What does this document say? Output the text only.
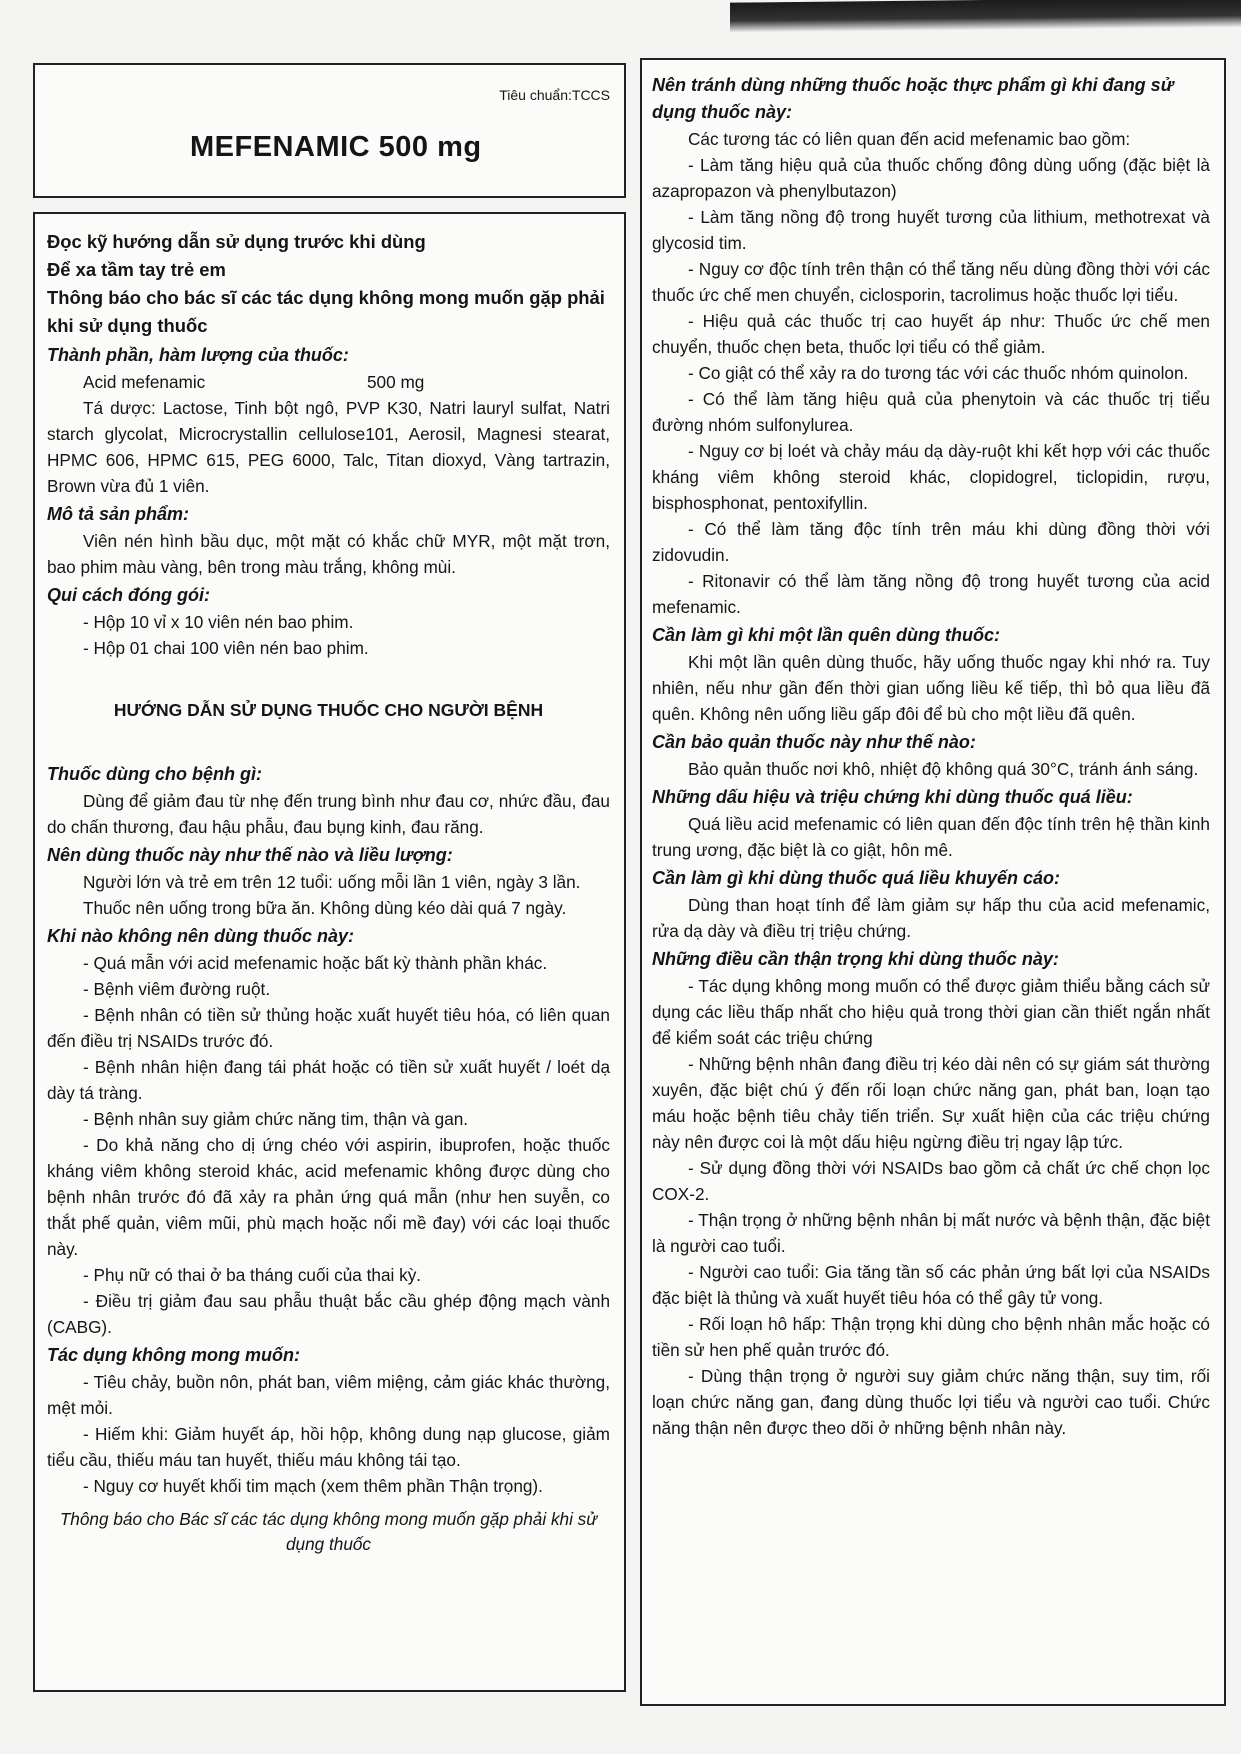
Tiêu chuẩn:TCCS
MEFENAMIC 500 mg

Đọc kỹ hướng dẫn sử dụng trước khi dùng

Để xa tầm tay trẻ em

Thông báo cho bác sĩ các tác dụng không mong muốn gặp phải khi sử dụng thuốc

Thành phần, hàm lượng của thuốc:

Acid mefenamic	500 mg

Tá dược: Lactose, Tinh bột ngô, PVP K30, Natri lauryl sulfat, Natri starch glycolat, Microcrystallin cellulose101, Aerosil, Magnesi stearat, HPMC 606, HPMC 615, PEG 6000, Talc, Titan dioxyd, Vàng tartrazin, Brown vừa đủ 1 viên.

Mô tả sản phẩm:

Viên nén hình bầu dục, một mặt có khắc chữ MYR, một mặt trơn, bao phim màu vàng, bên trong màu trắng, không mùi.

Qui cách đóng gói:

- Hộp 10 vỉ x 10 viên nén bao phim.

- Hộp 01 chai 100 viên nén bao phim.

HƯỚNG DẪN SỬ DỤNG THUỐC CHO NGƯỜI BỆNH

Thuốc dùng cho bệnh gì:

Dùng để giảm đau từ nhẹ đến trung bình như đau cơ, nhức đầu, đau do chấn thương, đau hậu phẫu, đau bụng kinh, đau răng.

Nên dùng thuốc này như thế nào và liều lượng:

Người lớn và trẻ em trên 12 tuổi: uống mỗi lần 1 viên, ngày 3 lần.

Thuốc nên uống trong bữa ăn. Không dùng kéo dài quá 7 ngày.

Khi nào không nên dùng thuốc này:

- Quá mẫn với acid mefenamic hoặc bất kỳ thành phần khác.

- Bệnh viêm đường ruột.

- Bệnh nhân có tiền sử thủng hoặc xuất huyết tiêu hóa, có liên quan đến điều trị NSAIDs trước đó.

- Bệnh nhân hiện đang tái phát hoặc có tiền sử xuất huyết / loét dạ dày tá tràng.

- Bệnh nhân suy giảm chức năng tim, thận và gan.

- Do khả năng cho dị ứng chéo với aspirin, ibuprofen, hoặc thuốc kháng viêm không steroid khác, acid mefenamic không được dùng cho bệnh nhân trước đó đã xảy ra phản ứng quá mẫn (như hen suyễn, co thắt phế quản, viêm mũi, phù mạch hoặc nổi mề đay) với các loại thuốc này.

- Phụ nữ có thai ở ba tháng cuối của thai kỳ.

- Điều trị giảm đau sau phẫu thuật bắc cầu ghép động mạch vành (CABG).

Tác dụng không mong muốn:

- Tiêu chảy, buồn nôn, phát ban, viêm miệng, cảm giác khác thường, mệt mỏi.

- Hiếm khi: Giảm huyết áp, hồi hộp, không dung nạp glucose, giảm tiểu cầu, thiếu máu tan huyết, thiếu máu không tái tạo.

- Nguy cơ huyết khối tim mạch (xem thêm phần Thận trọng).

Thông báo cho Bác sĩ các tác dụng không mong muốn gặp phải khi sử dụng thuốc

Nên tránh dùng những thuốc hoặc thực phẩm gì khi đang sử dụng thuốc này:

Các tương tác có liên quan đến acid mefenamic bao gồm:

- Làm tăng hiệu quả của thuốc chống đông dùng uống (đặc biệt là azapropazon và phenylbutazon)

- Làm tăng nồng độ trong huyết tương của lithium, methotrexat và glycosid tim.

- Nguy cơ độc tính trên thận có thể tăng nếu dùng đồng thời với các thuốc ức chế men chuyển, ciclosporin, tacrolimus hoặc thuốc lợi tiểu.

- Hiệu quả các thuốc trị cao huyết áp như: Thuốc ức chế men chuyển, thuốc chẹn beta, thuốc lợi tiểu có thể giảm.

- Co giật có thể xảy ra do tương tác với các thuốc nhóm quinolon.

- Có thể làm tăng hiệu quả của phenytoin và các thuốc trị tiểu đường nhóm sulfonylurea.

- Nguy cơ bị loét và chảy máu dạ dày-ruột khi kết hợp với các thuốc kháng viêm không steroid khác, clopidogrel, ticlopidin, rượu, bisphosphonat, pentoxifyllin.

- Có thể làm tăng độc tính trên máu khi dùng đồng thời với zidovudin.

- Ritonavir có thể làm tăng nồng độ trong huyết tương của acid mefenamic.

Cần làm gì khi một lần quên dùng thuốc:

Khi một lần quên dùng thuốc, hãy uống thuốc ngay khi nhớ ra. Tuy nhiên, nếu như gần đến thời gian uống liều kế tiếp, thì bỏ qua liều đã quên. Không nên uống liều gấp đôi để bù cho một liều đã quên.

Cần bảo quản thuốc này như thế nào:

Bảo quản thuốc nơi khô, nhiệt độ không quá 30°C, tránh ánh sáng.

Những dấu hiệu và triệu chứng khi dùng thuốc quá liều:

Quá liều acid mefenamic có liên quan đến độc tính trên hệ thần kinh trung ương, đặc biệt là co giật, hôn mê.

Cần làm gì khi dùng thuốc quá liều khuyến cáo:

Dùng than hoạt tính để làm giảm sự hấp thu của acid mefenamic, rửa dạ dày và điều trị triệu chứng.

Những điều cần thận trọng khi dùng thuốc này:

- Tác dụng không mong muốn có thể được giảm thiểu bằng cách sử dụng các liều thấp nhất cho hiệu quả trong thời gian cần thiết ngắn nhất để kiểm soát các triệu chứng

- Những bệnh nhân đang điều trị kéo dài nên có sự giám sát thường xuyên, đặc biệt chú ý đến rối loạn chức năng gan, phát ban, loạn tạo máu hoặc bệnh tiêu chảy tiến triển. Sự xuất hiện của các triệu chứng này nên được coi là một dấu hiệu ngừng điều trị ngay lập tức.

- Sử dụng đồng thời với NSAIDs bao gồm cả chất ức chế chọn lọc COX-2.

- Thận trọng ở những bệnh nhân bị mất nước và bệnh thận, đặc biệt là người cao tuổi.

- Người cao tuổi: Gia tăng tần số các phản ứng bất lợi của NSAIDs đặc biệt là thủng và xuất huyết tiêu hóa có thể gây tử vong.

- Rối loạn hô hấp: Thận trọng khi dùng cho bệnh nhân mắc hoặc có tiền sử hen phế quản trước đó.

- Dùng thận trọng ở người suy giảm chức năng thận, suy tim, rối loạn chức năng gan, đang dùng thuốc lợi tiểu và người cao tuổi. Chức năng thận nên được theo dõi ở những bệnh nhân này.
